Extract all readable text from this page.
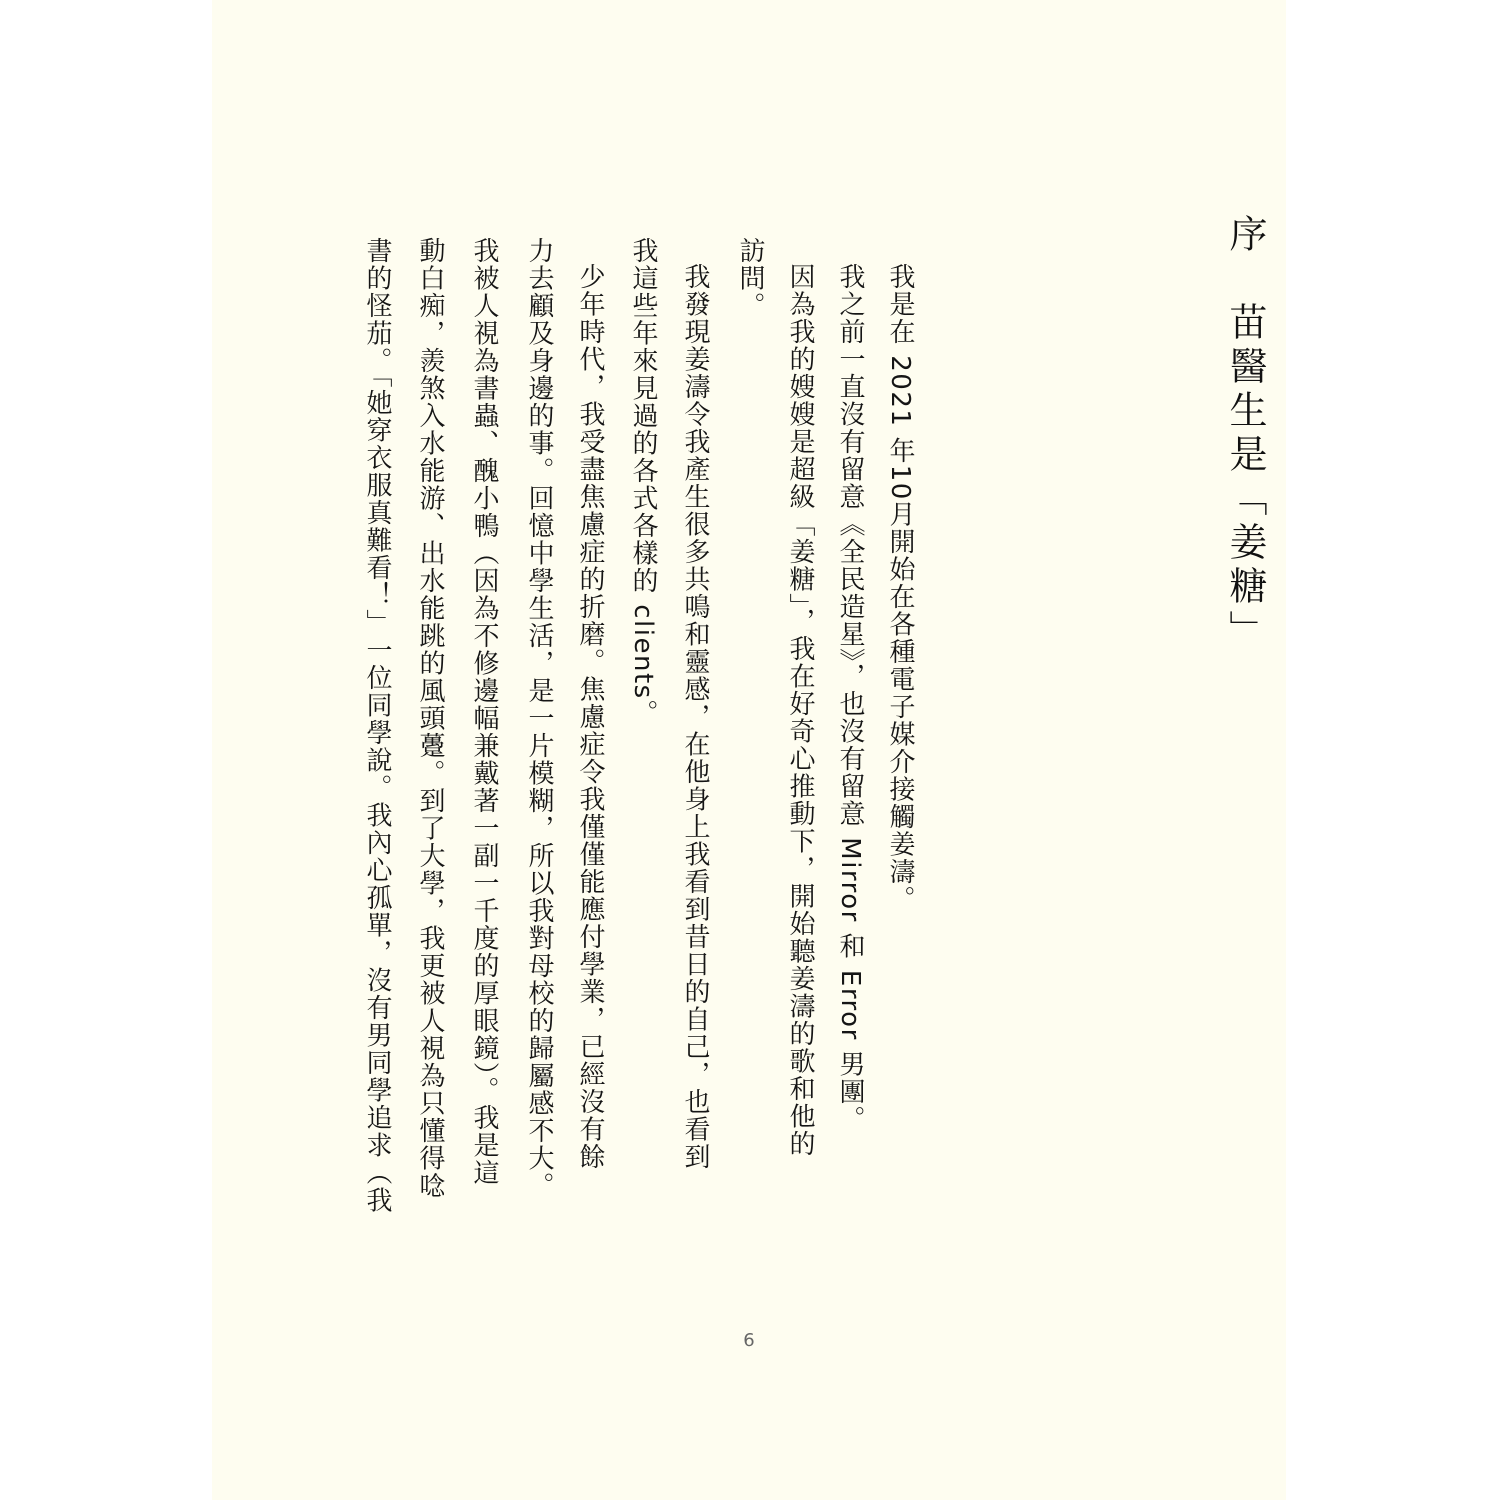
序　苗醫生是「姜糖」
我是在 2021 年10月開始在各種電子媒介接觸姜濤。
我之前一直沒有留意《全民造星》，也沒有留意 Mirror 和 Error 男團。
因為我的嫂嫂是超級「姜糖」，我在好奇心推動下，開始聽姜濤的歌和他的
訪問。
我發現姜濤令我產生很多共鳴和靈感，在他身上我看到昔日的自己，也看到
我這些年來見過的各式各樣的 clients。
少年時代，我受盡焦慮症的折磨。焦慮症令我僅僅能應付學業，已經沒有餘
力去顧及身邊的事。回憶中學生活，是一片模糊，所以我對母校的歸屬感不大。
我被人視為書蟲、醜小鴨（因為不修邊幅兼戴著一副一千度的厚眼鏡）。我是這
動白痴，羨煞入水能游、出水能跳的風頭躉。到了大學，我更被人視為只懂得唸
書的怪茄。「她穿衣服真難看！」一位同學說。我內心孤單，沒有男同學追求（我
6
